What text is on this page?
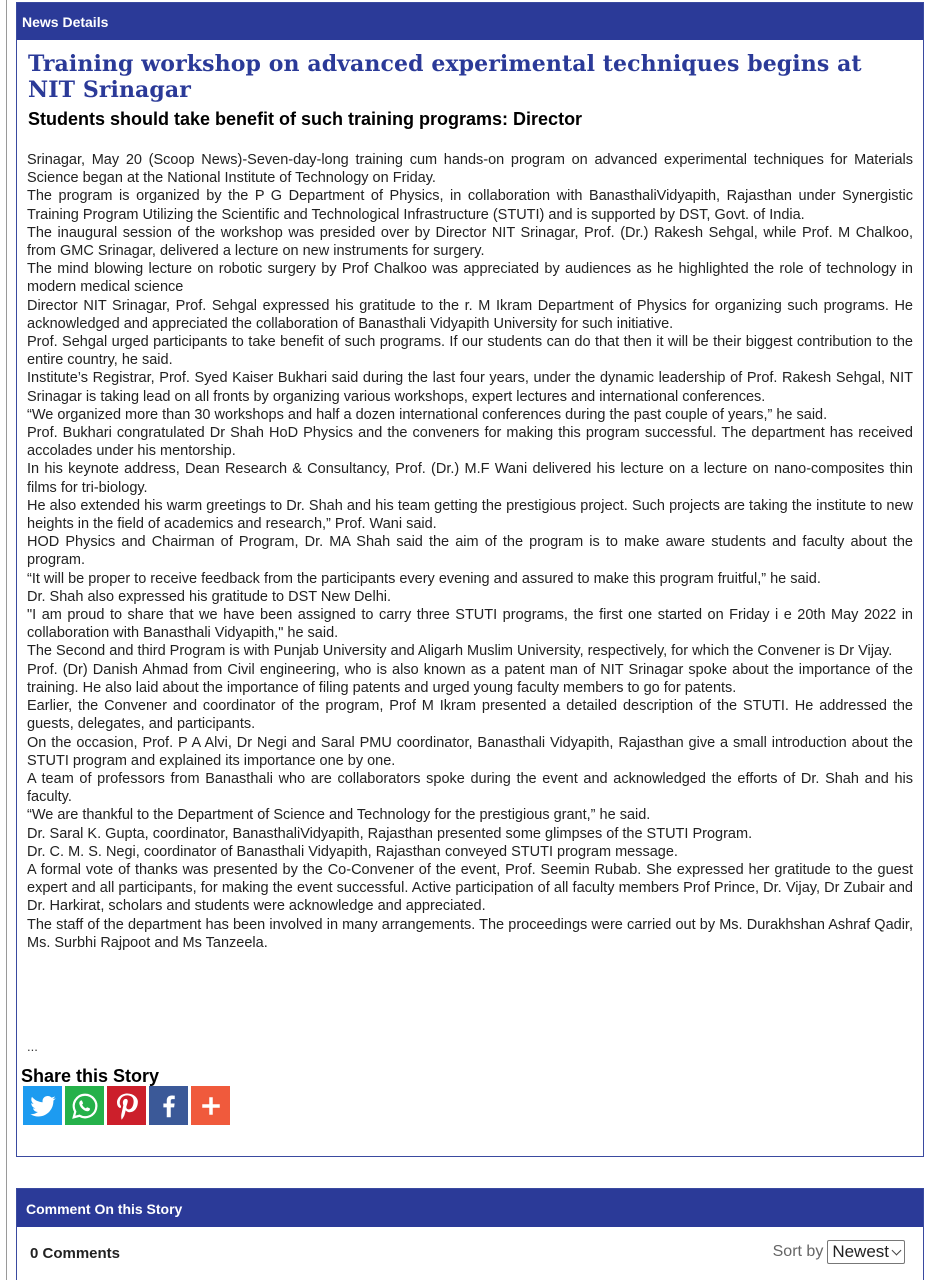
News Details
Training workshop on advanced experimental techniques begins at NIT Srinagar
Students should take benefit of such training programs: Director

Srinagar, May 20 (Scoop News)-Seven-day-long training cum hands-on program on advanced experimental techniques for Materials Science began at the National Institute of Technology on Friday.

The program is organized by the P G Department of Physics, in collaboration with BanasthaliVidyapith, Rajasthan under Synergistic Training Program Utilizing the Scientific and Technological Infrastructure (STUTI) and is supported by DST, Govt. of India.

The inaugural session of the workshop was presided over by Director NIT Srinagar, Prof. (Dr.) Rakesh Sehgal, while Prof. M Chalkoo, from GMC Srinagar, delivered a lecture on new instruments for surgery.

The mind blowing lecture on robotic surgery by Prof Chalkoo was appreciated by audiences as he highlighted the role of technology in modern medical science

Director NIT Srinagar, Prof. Sehgal expressed his gratitude to the r. M Ikram Department of Physics for organizing such programs. He acknowledged and appreciated the collaboration of Banasthali Vidyapith University for such initiative.

Prof. Sehgal urged participants to take benefit of such programs. If our students can do that then it will be their biggest contribution to the entire country, he said.

Institute’s Registrar, Prof. Syed Kaiser Bukhari said during the last four years, under the dynamic leadership of Prof. Rakesh Sehgal, NIT Srinagar is taking lead on all fronts by organizing various workshops, expert lectures and international conferences.

“We organized more than 30 workshops and half a dozen international conferences during the past couple of years,” he said.

Prof. Bukhari congratulated Dr Shah HoD Physics and the conveners for making this program successful. The department has received accolades under his mentorship.

In his keynote address, Dean Research & Consultancy, Prof. (Dr.) M.F Wani delivered his lecture on a lecture on nano-composites thin films for tri-biology.

He also extended his warm greetings to Dr. Shah and his team getting the prestigious project. Such projects are taking the institute to new heights in the field of academics and research,” Prof. Wani said.

HOD Physics and Chairman of Program, Dr. MA Shah said the aim of the program is to make aware students and faculty about the program.

“It will be proper to receive feedback from the participants every evening and assured to make this program fruitful,” he said.

Dr. Shah also expressed his gratitude to DST New Delhi.

"I am proud to share that we have been assigned to carry three STUTI programs, the first one started on Friday i e 20th May 2022 in collaboration with Banasthali Vidyapith," he said.

The Second and third Program is with Punjab University and Aligarh Muslim University, respectively, for which the Convener is Dr Vijay.

Prof. (Dr) Danish Ahmad from Civil engineering, who is also known as a patent man of NIT Srinagar spoke about the importance of the training. He also laid about the importance of filing patents and urged young faculty members to go for patents.

Earlier, the Convener and coordinator of the program, Prof M Ikram presented a detailed description of the STUTI. He addressed the guests, delegates, and participants.

On the occasion, Prof. P A Alvi, Dr Negi and Saral PMU coordinator, Banasthali Vidyapith, Rajasthan give a small introduction about the STUTI program and explained its importance one by one.

A team of professors from Banasthali who are collaborators spoke during the event and acknowledged the efforts of Dr. Shah and his faculty.

“We are thankful to the Department of Science and Technology for the prestigious grant,” he said.

Dr. Saral K. Gupta, coordinator, BanasthaliVidyapith, Rajasthan presented some glimpses of the STUTI Program.

Dr. C. M. S. Negi, coordinator of Banasthali Vidyapith, Rajasthan conveyed STUTI program message.

A formal vote of thanks was presented by the Co-Convener of the event, Prof. Seemin Rubab. She expressed her gratitude to the guest expert and all participants, for making the event successful. Active participation of all faculty members Prof Prince, Dr. Vijay, Dr Zubair and Dr. Harkirat, scholars and students were acknowledge and appreciated.

The staff of the department has been involved in many arrangements. The proceedings were carried out by Ms. Durakhshan Ashraf Qadir, Ms. Surbhi Rajpoot and Ms Tanzeela.

...
Share this Story
Comment On this Story
0 Comments	Sort by Newest
